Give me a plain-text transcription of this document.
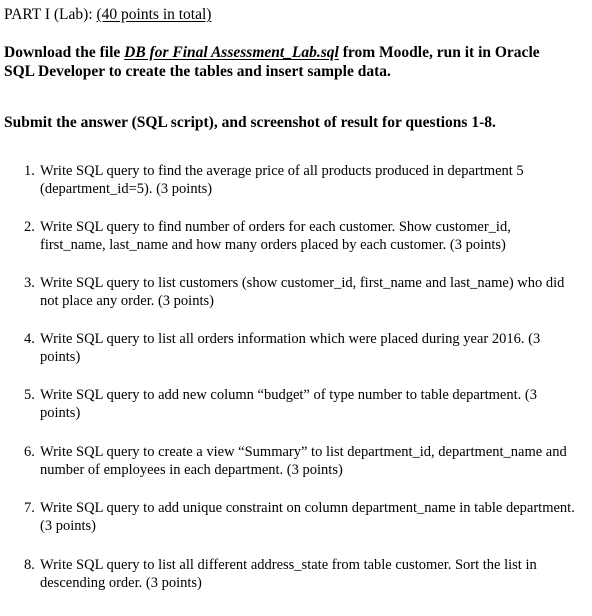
PART I (Lab): (40 points in total)
Download the file DB for Final Assessment_Lab.sql from Moodle, run it in Oracle SQL Developer to create the tables and insert sample data.
Submit the answer (SQL script), and screenshot of result for questions 1-8.
1. Write SQL query to find the average price of all products produced in department 5 (department_id=5). (3 points)
2. Write SQL query to find number of orders for each customer. Show customer_id, first_name, last_name and how many orders placed by each customer. (3 points)
3. Write SQL query to list customers (show customer_id, first_name and last_name) who did not place any order. (3 points)
4. Write SQL query to list all orders information which were placed during year 2016. (3 points)
5. Write SQL query to add new column “budget” of type number to table department. (3 points)
6. Write SQL query to create a view “Summary” to list department_id, department_name and number of employees in each department. (3 points)
7. Write SQL query to add unique constraint on column department_name in table department. (3 points)
8. Write SQL query to list all different address_state from table customer. Sort the list in descending order. (3 points)
